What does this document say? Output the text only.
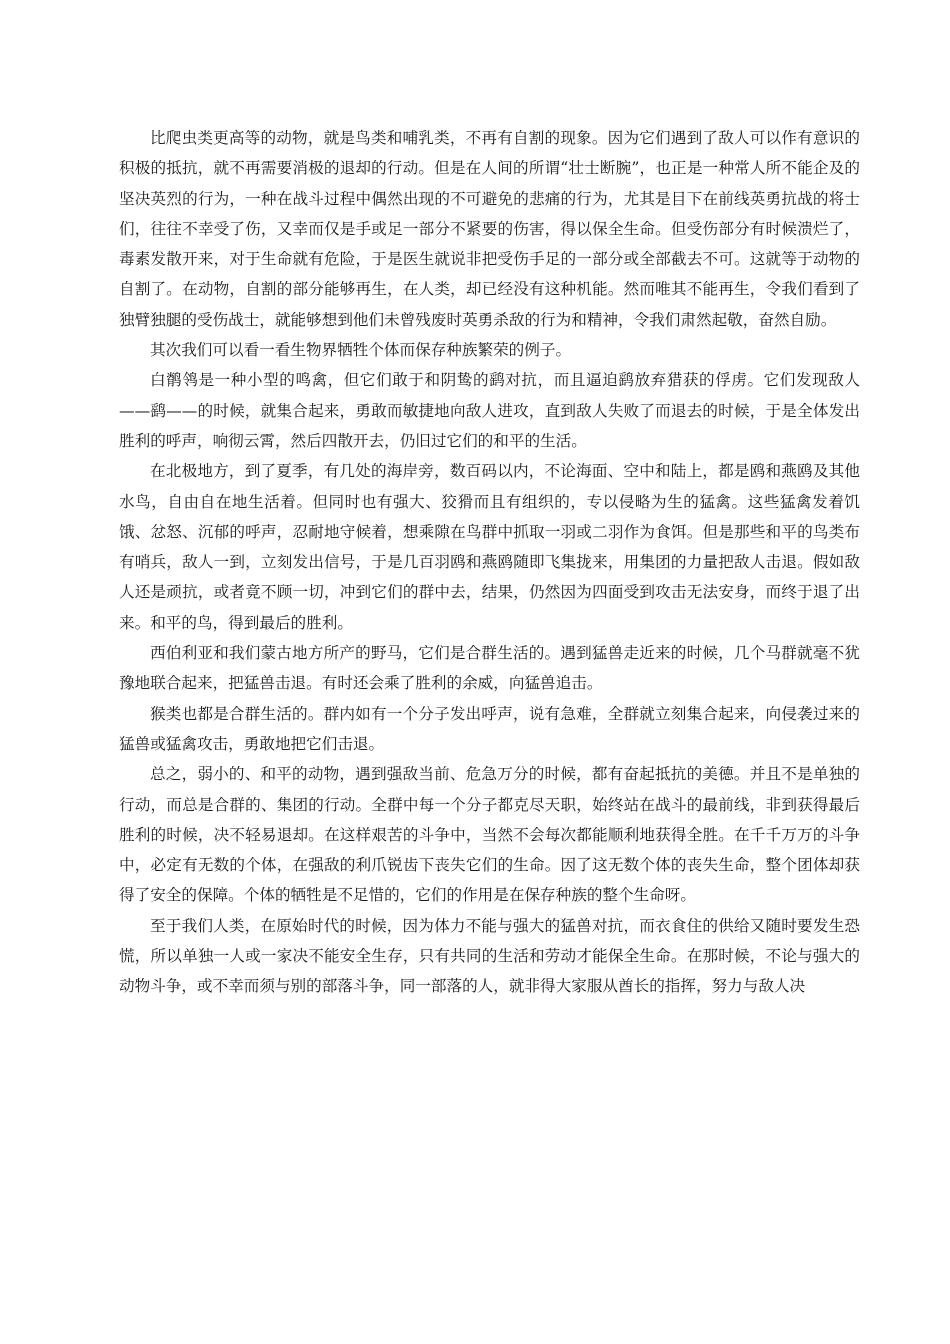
比爬虫类更高等的动物，就是鸟类和哺乳类，不再有自割的现象。因为它们遇到了敌人可以作有意识的积极的抵抗，就不再需要消极的退却的行动。但是在人间的所谓“壮士断腕”，也正是一种常人所不能企及的坚决英烈的行为，一种在战斗过程中偶然出现的不可避免的悲痛的行为，尤其是目下在前线英勇抗战的将士们，往往不幸受了伤，又幸而仅是手或足一部分不紧要的伤害，得以保全生命。但受伤部分有时候溃烂了，毒素发散开来，对于生命就有危险，于是医生就说非把受伤手足的一部分或全部截去不可。这就等于动物的自割了。在动物，自割的部分能够再生，在人类，却已经没有这种机能。然而唯其不能再生，令我们看到了独臂独腿的受伤战士，就能够想到他们未曾残废时英勇杀敌的行为和精神，令我们肃然起敬，奋然自励。

其次我们可以看一看生物界牺牲个体而保存种族繁荣的例子。

白鹡鸰是一种小型的鸣禽，但它们敢于和阴鸷的鹞对抗，而且逼迫鹞放弃猎获的俘虏。它们发现敌人——鹞——的时候，就集合起来，勇敢而敏捷地向敌人进攻，直到敌人失败了而退去的时候，于是全体发出胜利的呼声，响彻云霄，然后四散开去，仍旧过它们的和平的生活。

在北极地方，到了夏季，有几处的海岸旁，数百码以内，不论海面、空中和陆上，都是鸥和燕鸥及其他水鸟，自由自在地生活着。但同时也有强大、狡猾而且有组织的，专以侵略为生的猛禽。这些猛禽发着饥饿、忿怒、沉郁的呼声，忍耐地守候着，想乘隙在鸟群中抓取一羽或二羽作为食饵。但是那些和平的鸟类布有哨兵，敌人一到，立刻发出信号，于是几百羽鸥和燕鸥随即飞集拢来，用集团的力量把敌人击退。假如敌人还是顽抗，或者竟不顾一切，冲到它们的群中去，结果，仍然因为四面受到攻击无法安身，而终于退了出来。和平的鸟，得到最后的胜利。

西伯利亚和我们蒙古地方所产的野马，它们是合群生活的。遇到猛兽走近来的时候，几个马群就毫不犹豫地联合起来，把猛兽击退。有时还会乘了胜利的余威，向猛兽追击。

猴类也都是合群生活的。群内如有一个分子发出呼声，说有急难，全群就立刻集合起来，向侵袭过来的猛兽或猛禽攻击，勇敢地把它们击退。

总之，弱小的、和平的动物，遇到强敌当前、危急万分的时候，都有奋起抵抗的美德。并且不是单独的行动，而总是合群的、集团的行动。全群中每一个分子都克尽天职，始终站在战斗的最前线，非到获得最后胜利的时候，决不轻易退却。在这样艰苦的斗争中，当然不会每次都能顺利地获得全胜。在千千万万的斗争中，必定有无数的个体，在强敌的利爪锐齿下丧失它们的生命。因了这无数个体的丧失生命，整个团体却获得了安全的保障。个体的牺牲是不足惜的，它们的作用是在保存种族的整个生命呀。

至于我们人类，在原始时代的时候，因为体力不能与强大的猛兽对抗，而衣食住的供给又随时要发生恐慌，所以单独一人或一家决不能安全生存，只有共同的生活和劳动才能保全生命。在那时候，不论与强大的动物斗争，或不幸而须与别的部落斗争，同一部落的人，就非得大家服从酋长的指挥，努力与敌人决
